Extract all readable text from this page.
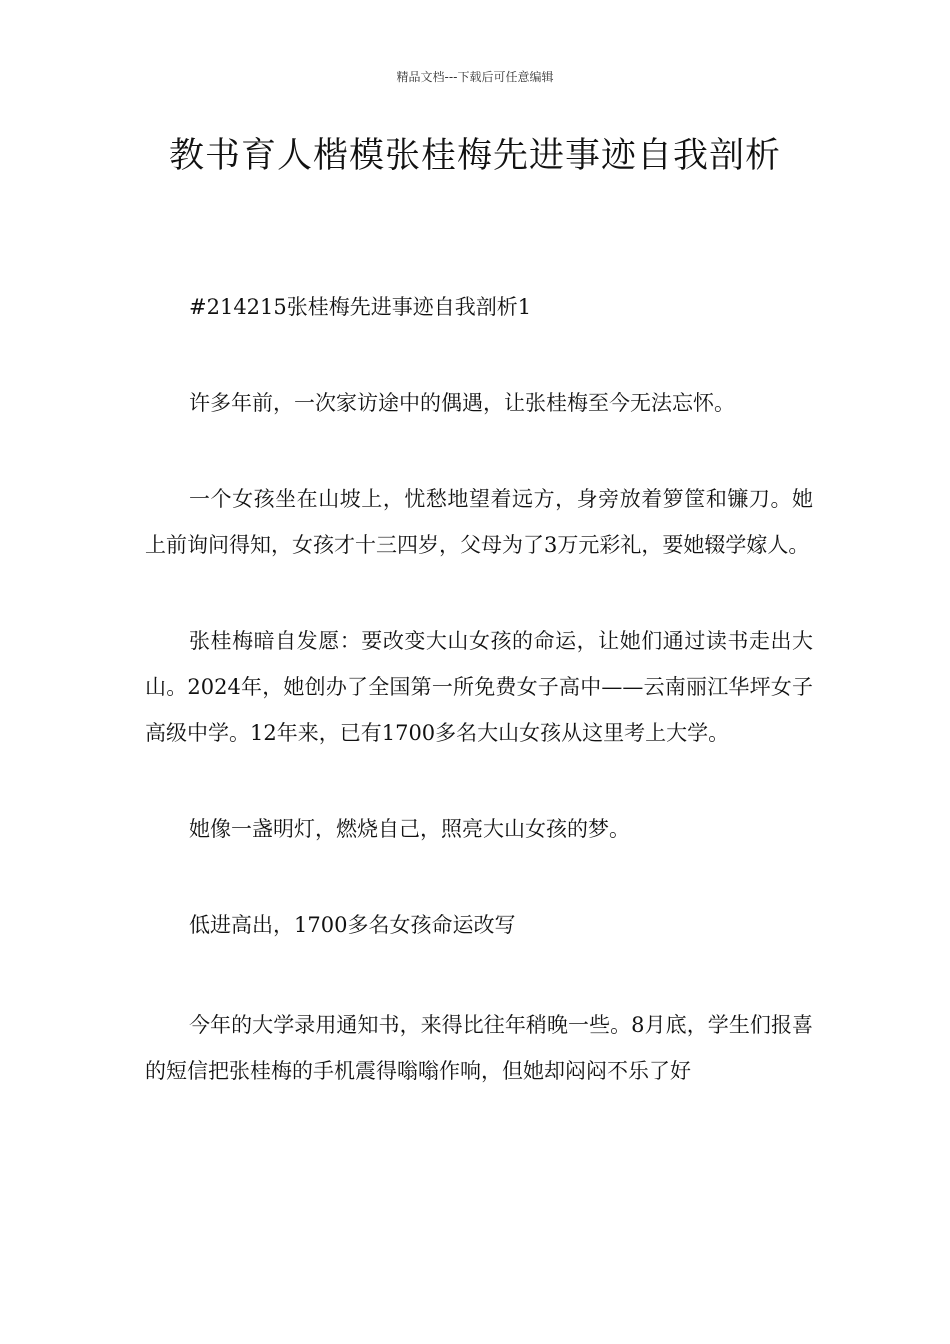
精品文档---下载后可任意编辑
教书育人楷模张桂梅先进事迹自我剖析

#214215张桂梅先进事迹自我剖析1

许多年前，一次家访途中的偶遇，让张桂梅至今无法忘怀。

一个女孩坐在山坡上，忧愁地望着远方，身旁放着箩筐和镰刀。她上前询问得知，女孩才十三四岁，父母为了3万元彩礼，要她辍学嫁人。

张桂梅暗自发愿：要改变大山女孩的命运，让她们通过读书走出大山。2024年，她创办了全国第一所免费女子高中——云南丽江华坪女子高级中学。12年来，已有1700多名大山女孩从这里考上大学。

她像一盏明灯，燃烧自己，照亮大山女孩的梦。

低进高出，1700多名女孩命运改写

今年的大学录用通知书，来得比往年稍晚一些。8月底，学生们报喜的短信把张桂梅的手机震得嗡嗡作响，但她却闷闷不乐了好
